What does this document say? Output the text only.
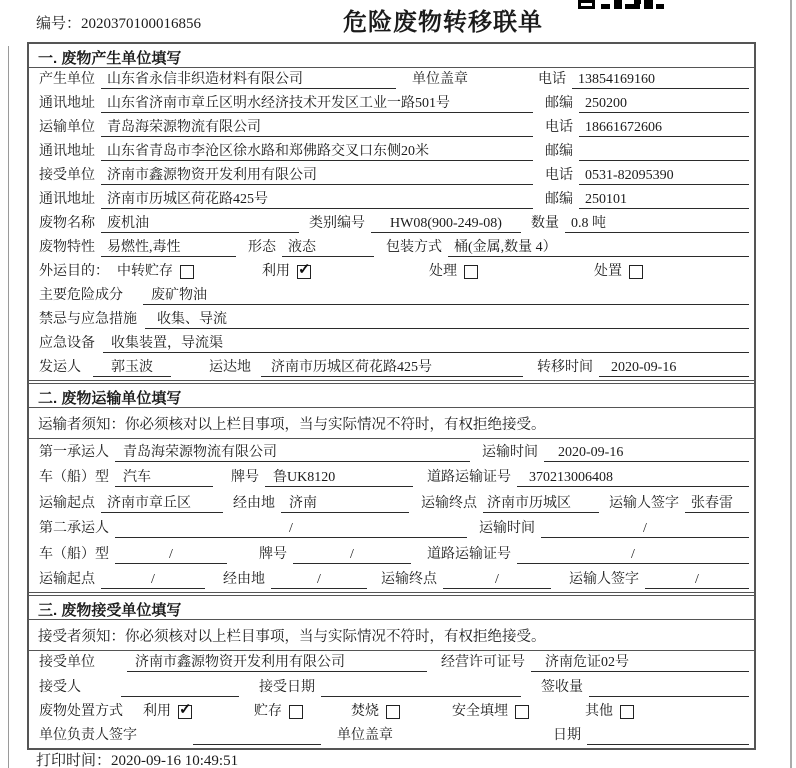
编号：2020370100016856	危险废物转移联单
一. 废物产生单位填写
产生单位 山东省永信非织造材料有限公司	单位盖章	电话 13854169160
通讯地址 山东省济南市章丘区明水经济技术开发区工业一路501号	邮编 250200
运输单位 青岛海荣源物流有限公司	电话 18661672606
通讯地址 山东省青岛市李沧区徐水路和郑佛路交叉口东侧20米	邮编
接受单位 济南市鑫源物资开发利用有限公司	电话 0531-82095390
通讯地址 济南市历城区荷花路425号	邮编 250101
废物名称 废机油	类别编号	HW08(900-249-08)	数量 0.8 吨
废物特性 易燃性,毒性	形态 液态	包装方式 桶(金属,数量 4）
外运目的： 中转贮存	利用 ✓	处理	处置
主要危险成分	废矿物油
禁忌与应急措施	收集、导流
应急设备	收集装置，导流渠
发运人	郭玉波	运达地	济南市历城区荷花路425号	转移时间	2020-09-16
二. 废物运输单位填写
运输者须知：你必须核对以上栏目事项，当与实际情况不符时，有权拒绝接受。
第一承运人	青岛海荣源物流有限公司	运输时间	2020-09-16
车（船）型	汽车	牌号	鲁UK8120	道路运输证号	370213006408
运输起点 济南市章丘区	经由地	济南	运输终点 济南市历城区	运输人签字 张春雷
第二承运人	/	运输时间	/
车（船）型	/	牌号	/	道路运输证号	/
运输起点	/	经由地	/	运输终点	/	运输人签字	/
三. 废物接受单位填写
接受者须知：你必须核对以上栏目事项，当与实际情况不符时，有权拒绝接受。
接受单位	济南市鑫源物资开发利用有限公司	经营许可证号	济南危证02号
接受人	接受日期	签收量
废物处置方式 利用 ✓	贮存	焚烧	安全填埋	其他
单位负责人签字	单位盖章	日期
打印时间：2020-09-16 10:49:51
